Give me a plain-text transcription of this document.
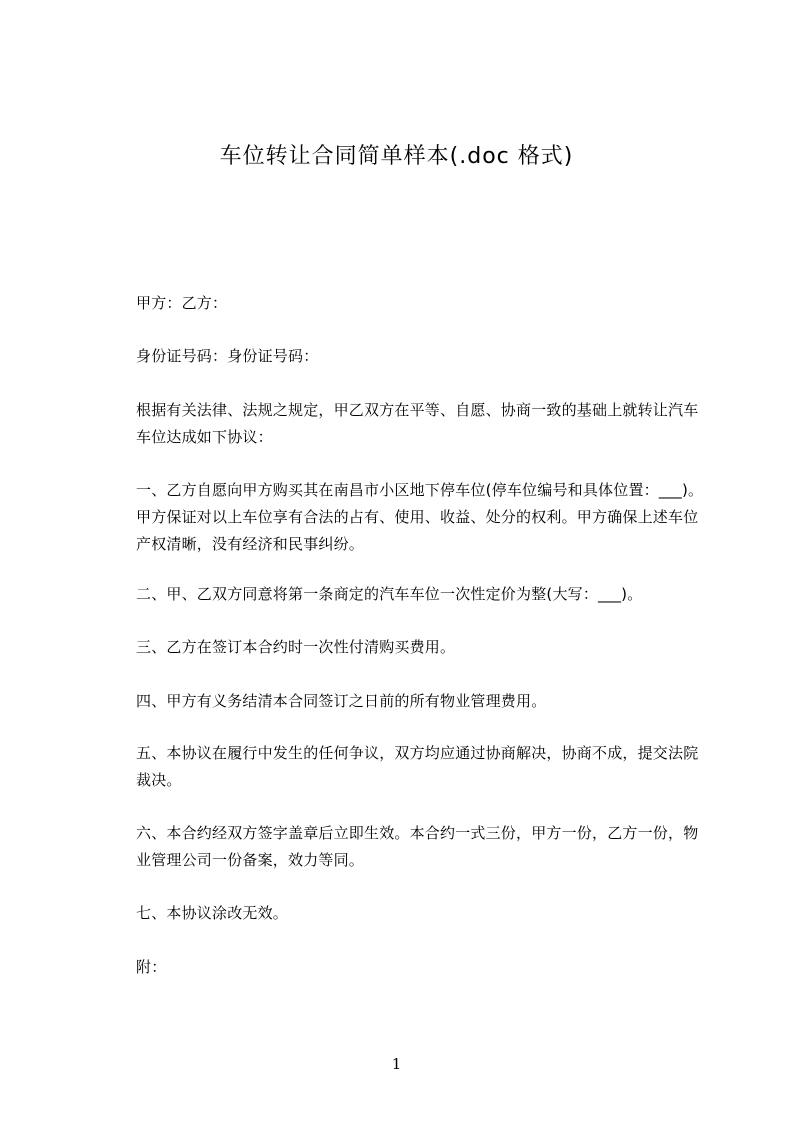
车位转让合同简单样本(.doc 格式)
甲方：乙方：
身份证号码：身份证号码：
根据有关法律、法规之规定，甲乙双方在平等、自愿、协商一致的基础上就转让汽车车位达成如下协议：
一、乙方自愿向甲方购买其在南昌市小区地下停车位(停车位编号和具体位置：___)。甲方保证对以上车位享有合法的占有、使用、收益、处分的权利。甲方确保上述车位产权清晰，没有经济和民事纠纷。
二、甲、乙双方同意将第一条商定的汽车车位一次性定价为整(大写：___)。
三、乙方在签订本合约时一次性付清购买费用。
四、甲方有义务结清本合同签订之日前的所有物业管理费用。
五、本协议在履行中发生的任何争议，双方均应通过协商解决，协商不成，提交法院裁决。
六、本合约经双方签字盖章后立即生效。本合约一式三份，甲方一份，乙方一份，物业管理公司一份备案，效力等同。
七、本协议涂改无效。
附：
1
